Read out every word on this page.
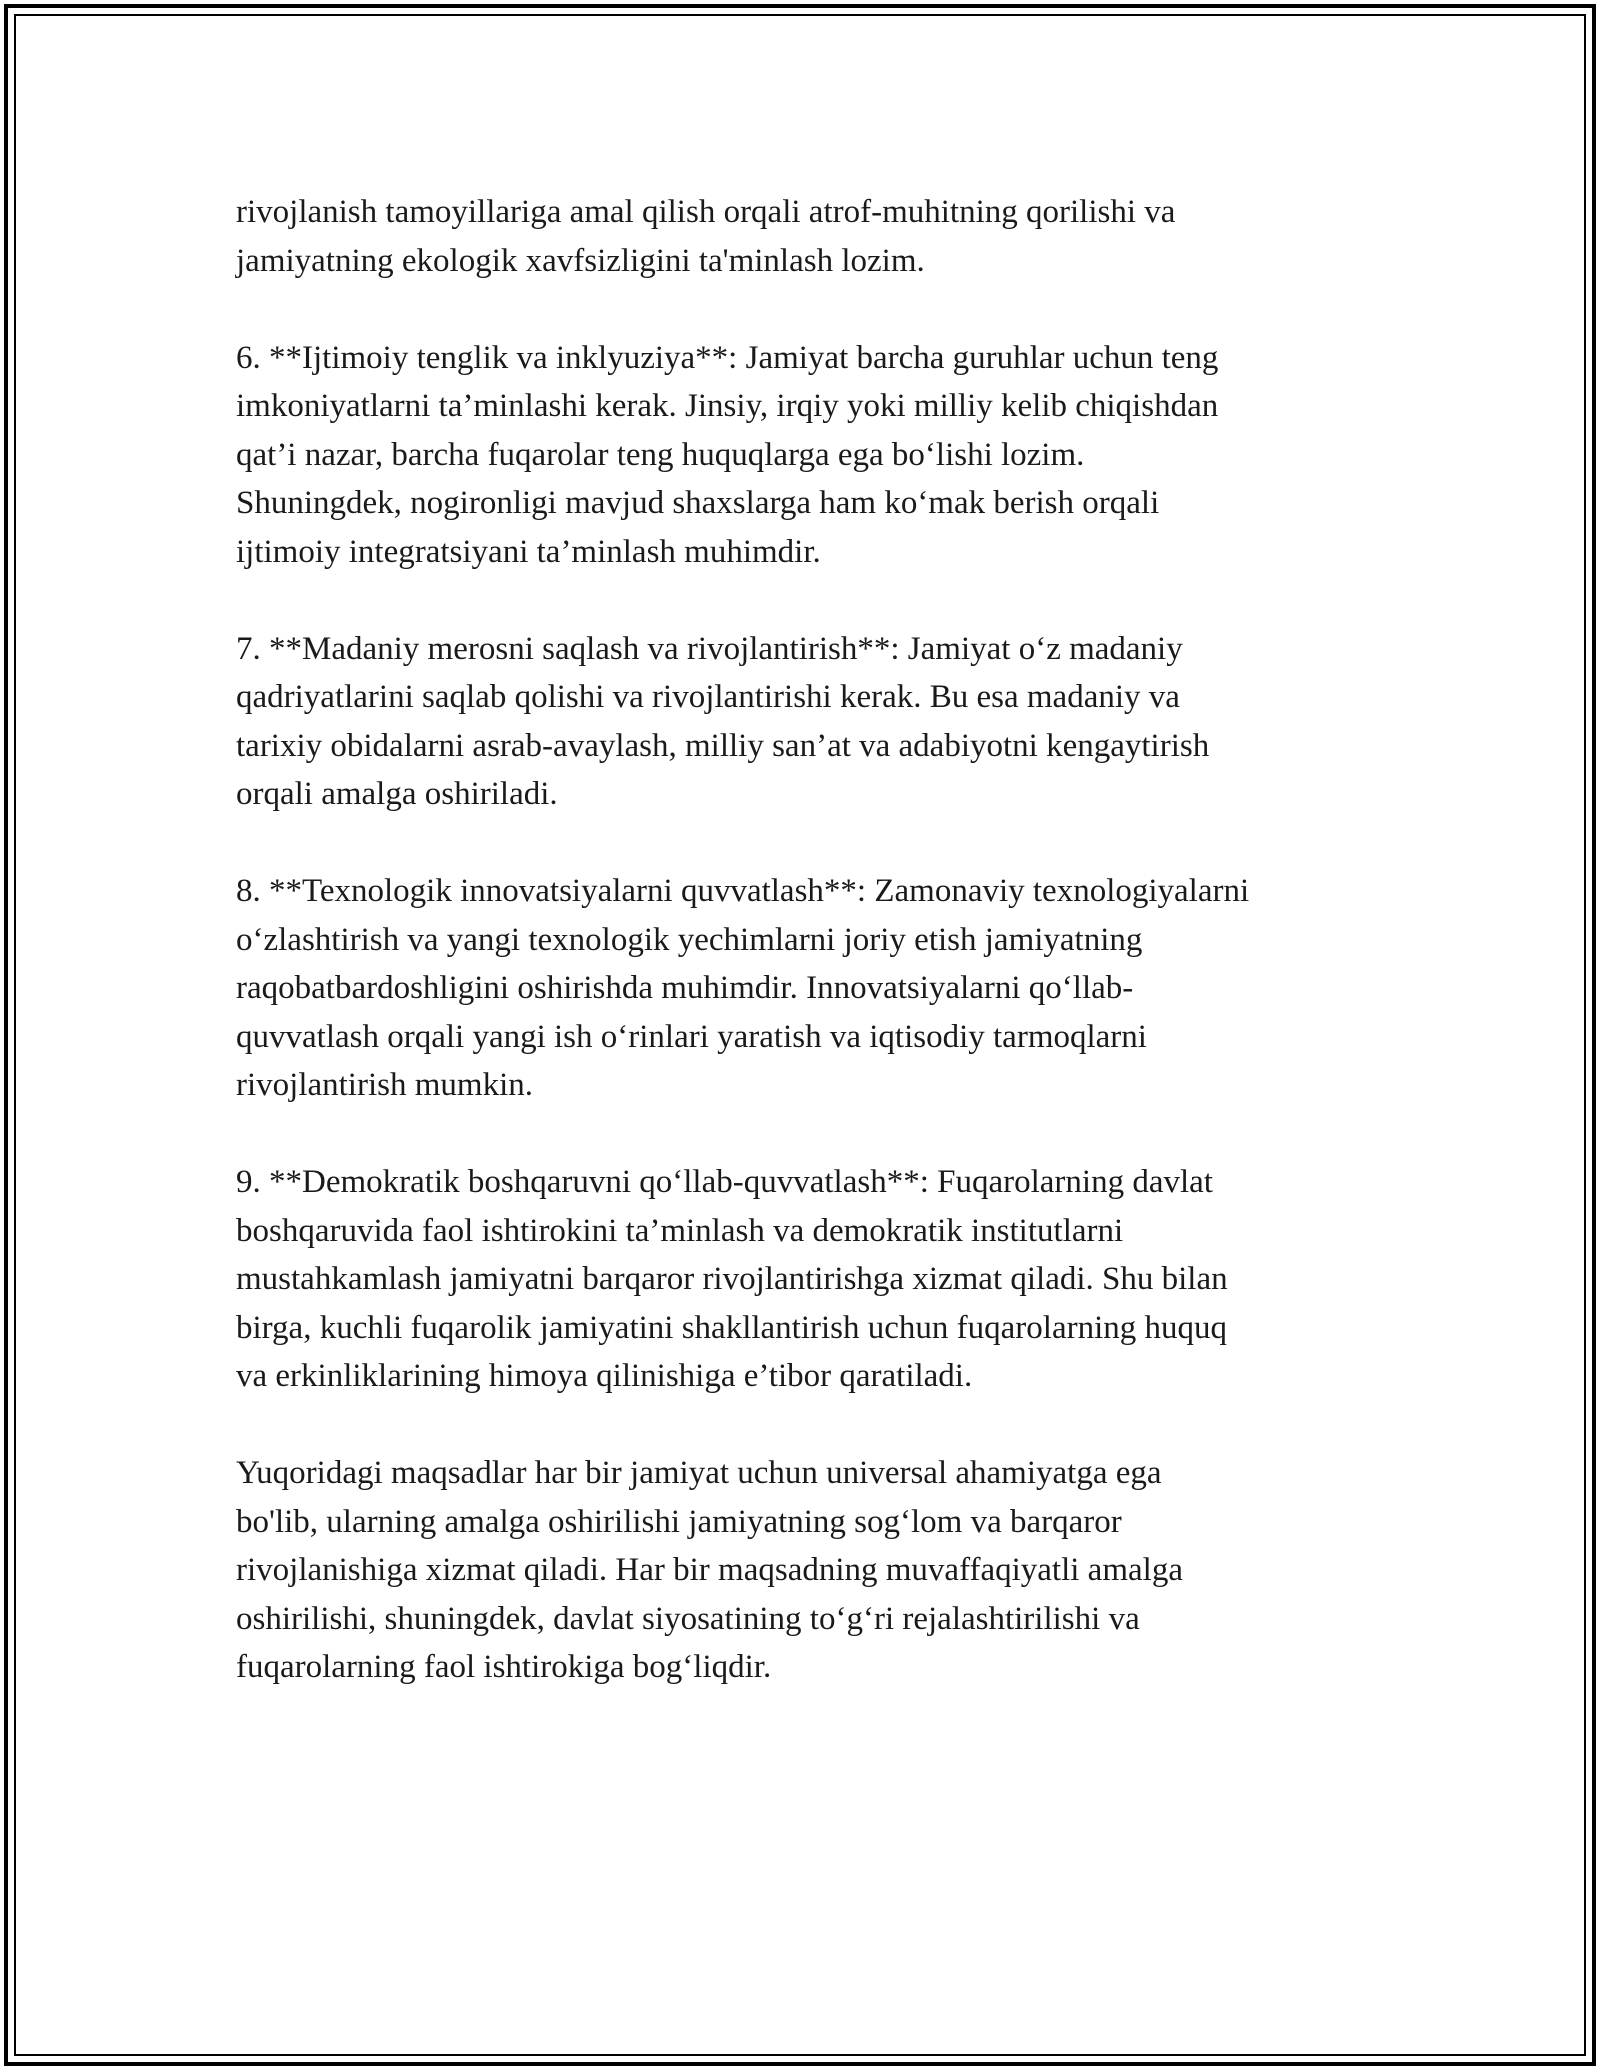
rivojlanish tamoyillariga amal qilish orqali atrof-muhitning qorilishi va
jamiyatning ekologik xavfsizligini ta'minlash lozim.

6. **Ijtimoiy tenglik va inklyuziya**: Jamiyat barcha guruhlar uchun teng
imkoniyatlarni ta’minlashi kerak. Jinsiy, irqiy yoki milliy kelib chiqishdan
qat’i nazar, barcha fuqarolar teng huquqlarga ega bo‘lishi lozim.
Shuningdek, nogironligi mavjud shaxslarga ham ko‘mak berish orqali
ijtimoiy integratsiyani ta’minlash muhimdir.

7. **Madaniy merosni saqlash va rivojlantirish**: Jamiyat o‘z madaniy
qadriyatlarini saqlab qolishi va rivojlantirishi kerak. Bu esa madaniy va
tarixiy obidalarni asrab-avaylash, milliy san’at va adabiyotni kengaytirish
orqali amalga oshiriladi.

8. **Texnologik innovatsiyalarni quvvatlash**: Zamonaviy texnologiyalarni
o‘zlashtirish va yangi texnologik yechimlarni joriy etish jamiyatning
raqobatbardoshligini oshirishda muhimdir. Innovatsiyalarni qo‘llab-
quvvatlash orqali yangi ish o‘rinlari yaratish va iqtisodiy tarmoqlarni
rivojlantirish mumkin.

9. **Demokratik boshqaruvni qo‘llab-quvvatlash**: Fuqarolarning davlat
boshqaruvida faol ishtirokini ta’minlash va demokratik institutlarni
mustahkamlash jamiyatni barqaror rivojlantirishga xizmat qiladi. Shu bilan
birga, kuchli fuqarolik jamiyatini shakllantirish uchun fuqarolarning huquq
va erkinliklarining himoya qilinishiga e’tibor qaratiladi.

Yuqoridagi maqsadlar har bir jamiyat uchun universal ahamiyatga ega
bo'lib, ularning amalga oshirilishi jamiyatning sog‘lom va barqaror
rivojlanishiga xizmat qiladi. Har bir maqsadning muvaffaqiyatli amalga
oshirilishi, shuningdek, davlat siyosatining to‘g‘ri rejalashtirilishi va
fuqarolarning faol ishtirokiga bog‘liqdir.
